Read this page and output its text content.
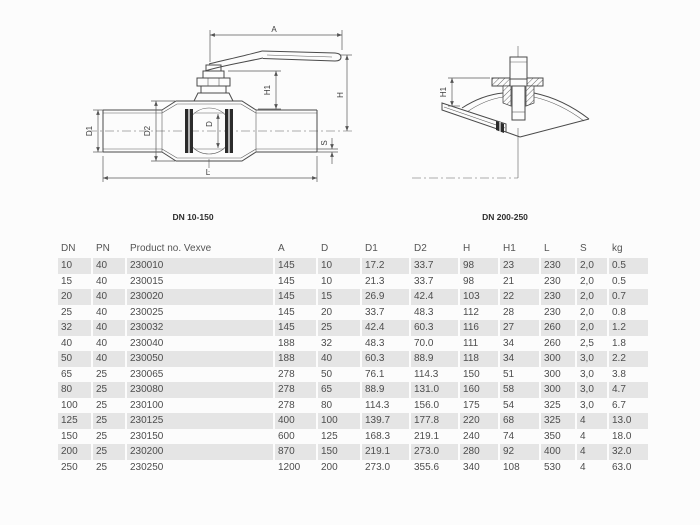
A
H
H1
D1	D2
D
S
L
DN 10-150
H1
DN 200-250
DN	PN	Product no. Vexve	A	D	D1	D2	H	H1	L	S	kg
10	40	230010	145	10	17.2	33.7	98	23	230	2,0	0.5
15	40	230015	145	10	21.3	33.7	98	21	230	2,0	0.5
20	40	230020	145	15	26.9	42.4	103	22	230	2,0	0.7
25	40	230025	145	20	33.7	48.3	112	28	230	2,0	0.8
32	40	230032	145	25	42.4	60.3	116	27	260	2,0	1.2
40	40	230040	188	32	48.3	70.0	111	34	260	2,5	1.8
50	40	230050	188	40	60.3	88.9	118	34	300	3,0	2.2
65	25	230065	278	50	76.1	114.3	150	51	300	3,0	3.8
80	25	230080	278	65	88.9	131.0	160	58	300	3,0	4.7
100	25	230100	278	80	114.3	156.0	175	54	325	3,0	6.7
125	25	230125	400	100	139.7	177.8	220	68	325	4	13.0
150	25	230150	600	125	168.3	219.1	240	74	350	4	18.0
200	25	230200	870	150	219.1	273.0	280	92	400	4	32.0
250	25	230250	1200	200	273.0	355.6	340	108	530	4	63.0
